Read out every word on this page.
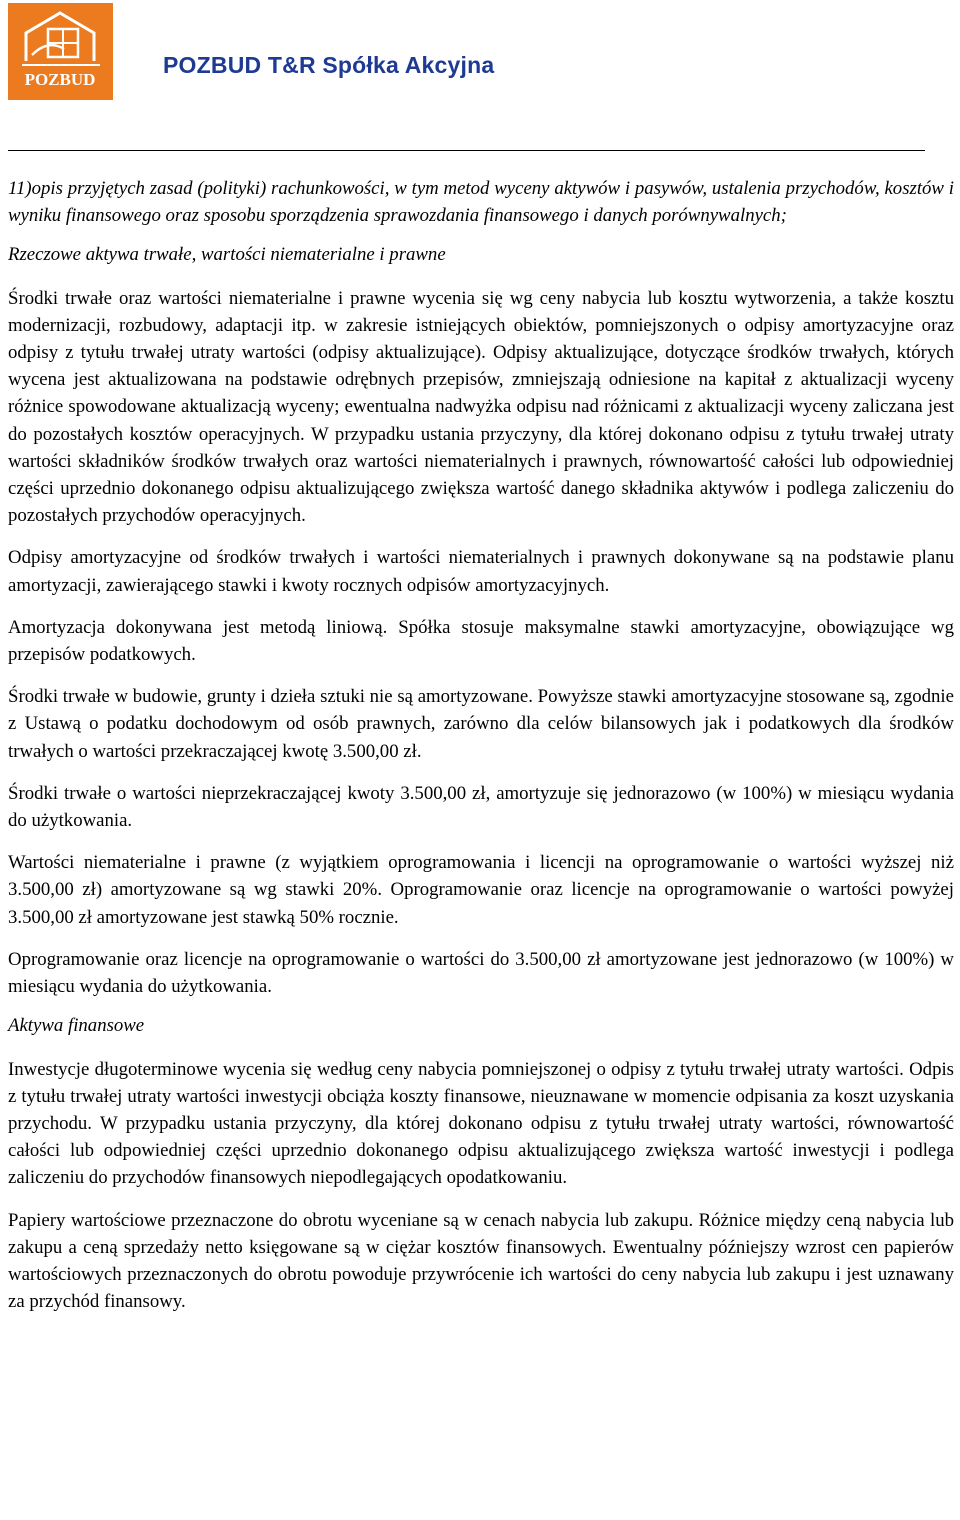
POZBUD
POZBUD T&R Spółka Akcyjna
11)opis przyjętych zasad (polityki) rachunkowości, w tym metod wyceny aktywów i pasywów, ustalenia przychodów, kosztów i wyniku finansowego oraz sposobu sporządzenia sprawozdania finansowego i danych porównywalnych;
Rzeczowe aktywa trwałe, wartości niematerialne i prawne

Środki trwałe oraz wartości niematerialne i prawne wycenia się wg ceny nabycia lub kosztu wytworzenia, a także kosztu modernizacji, rozbudowy, adaptacji itp. w zakresie istniejących obiektów, pomniejszonych o odpisy amortyzacyjne oraz odpisy z tytułu trwałej utraty wartości (odpisy aktualizujące). Odpisy aktualizujące, dotyczące środków trwałych, których wycena jest aktualizowana na podstawie odrębnych przepisów, zmniejszają odniesione na kapitał z aktualizacji wyceny różnice spowodowane aktualizacją wyceny; ewentualna nadwyżka odpisu nad różnicami z aktualizacji wyceny zaliczana jest do pozostałych kosztów operacyjnych. W przypadku ustania przyczyny, dla której dokonano odpisu z tytułu trwałej utraty wartości składników środków trwałych oraz wartości niematerialnych i prawnych, równowartość całości lub odpowiedniej części uprzednio dokonanego odpisu aktualizującego zwiększa wartość danego składnika aktywów i podlega zaliczeniu do pozostałych przychodów operacyjnych.

Odpisy amortyzacyjne od środków trwałych i wartości niematerialnych i prawnych dokonywane są na podstawie planu amortyzacji, zawierającego stawki i kwoty rocznych odpisów amortyzacyjnych.

Amortyzacja dokonywana jest metodą liniową. Spółka stosuje maksymalne stawki amortyzacyjne, obowiązujące wg przepisów podatkowych.

Środki trwałe w budowie, grunty i dzieła sztuki nie są amortyzowane. Powyższe stawki amortyzacyjne stosowane są, zgodnie z Ustawą o podatku dochodowym od osób prawnych, zarówno dla celów bilansowych jak i podatkowych dla środków trwałych o wartości przekraczającej kwotę 3.500,00 zł.

Środki trwałe o wartości nieprzekraczającej kwoty 3.500,00 zł, amortyzuje się jednorazowo (w 100%) w miesiącu wydania do użytkowania.

Wartości niematerialne i prawne (z wyjątkiem oprogramowania i licencji na oprogramowanie o wartości wyższej niż 3.500,00 zł) amortyzowane są wg stawki 20%. Oprogramowanie oraz licencje na oprogramowanie o wartości powyżej 3.500,00 zł amortyzowane jest stawką 50% rocznie.

Oprogramowanie oraz licencje na oprogramowanie o wartości do 3.500,00 zł amortyzowane jest jednorazowo (w 100%) w miesiącu wydania do użytkowania.

Aktywa finansowe

Inwestycje długoterminowe wycenia się według ceny nabycia pomniejszonej o odpisy z tytułu trwałej utraty wartości. Odpis z tytułu trwałej utraty wartości inwestycji obciąża koszty finansowe, nieuznawane w momencie odpisania za koszt uzyskania przychodu. W przypadku ustania przyczyny, dla której dokonano odpisu z tytułu trwałej utraty wartości, równowartość całości lub odpowiedniej części uprzednio dokonanego odpisu aktualizującego zwiększa wartość inwestycji i podlega zaliczeniu do przychodów finansowych niepodlegających opodatkowaniu.

Papiery wartościowe przeznaczone do obrotu wyceniane są w cenach nabycia lub zakupu. Różnice między ceną nabycia lub zakupu a ceną sprzedaży netto księgowane są w ciężar kosztów finansowych. Ewentualny późniejszy wzrost cen papierów wartościowych przeznaczonych do obrotu powoduje przywrócenie ich wartości do ceny nabycia lub zakupu i jest uznawany za przychód finansowy.
